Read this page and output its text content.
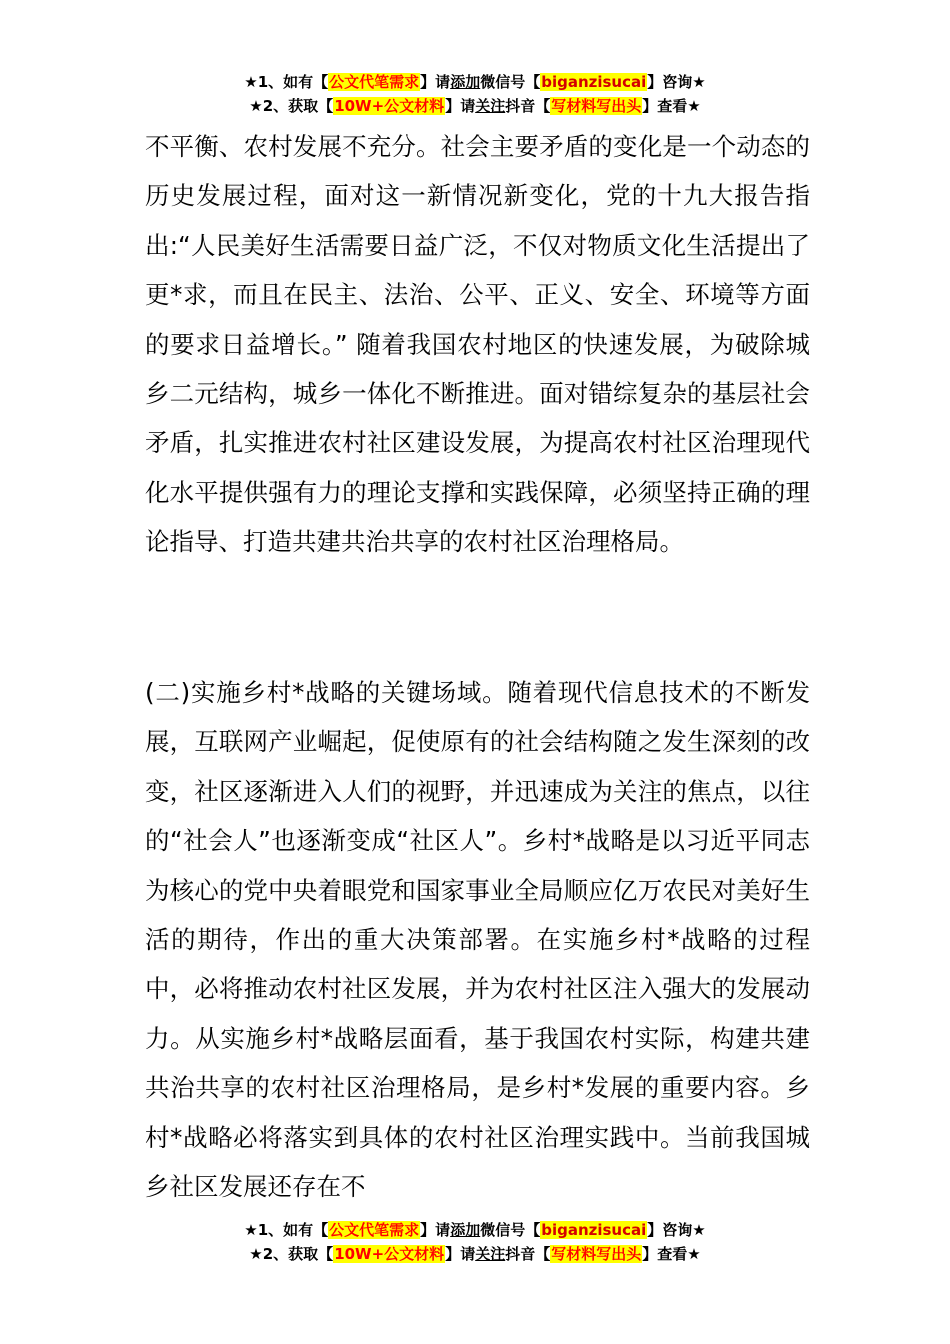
★1、如有【公文代笔需求】请添加微信号【biganzisucai】咨询★
★2、获取【10W+公文材料】请关注抖音【写材料写出头】查看★

不平衡、农村发展不充分。社会主要矛盾的变化是一个动态的历史发展过程，面对这一新情况新变化，党的十九大报告指出:“人民美好生活需要日益广泛，不仅对物质文化生活提出了更*求，而且在民主、法治、公平、正义、安全、环境等方面的要求日益增长。” 随着我国农村地区的快速发展，为破除城乡二元结构，城乡一体化不断推进。面对错综复杂的基层社会矛盾，扎实推进农村社区建设发展，为提高农村社区治理现代化水平提供强有力的理论支撑和实践保障，必须坚持正确的理论指导、打造共建共治共享的农村社区治理格局。

(二)实施乡村*战略的关键场域。随着现代信息技术的不断发展，互联网产业崛起，促使原有的社会结构随之发生深刻的改变，社区逐渐进入人们的视野，并迅速成为关注的焦点，以往的“社会人”也逐渐变成“社区人”。乡村*战略是以习近平同志为核心的党中央着眼党和国家事业全局顺应亿万农民对美好生活的期待，作出的重大决策部署。在实施乡村*战略的过程中，必将推动农村社区发展，并为农村社区注入强大的发展动力。从实施乡村*战略层面看，基于我国农村实际，构建共建共治共享的农村社区治理格局，是乡村*发展的重要内容。乡村*战略必将落实到具体的农村社区治理实践中。当前我国城乡社区发展还存在不

★1、如有【公文代笔需求】请添加微信号【biganzisucai】咨询★
★2、获取【10W+公文材料】请关注抖音【写材料写出头】查看★
